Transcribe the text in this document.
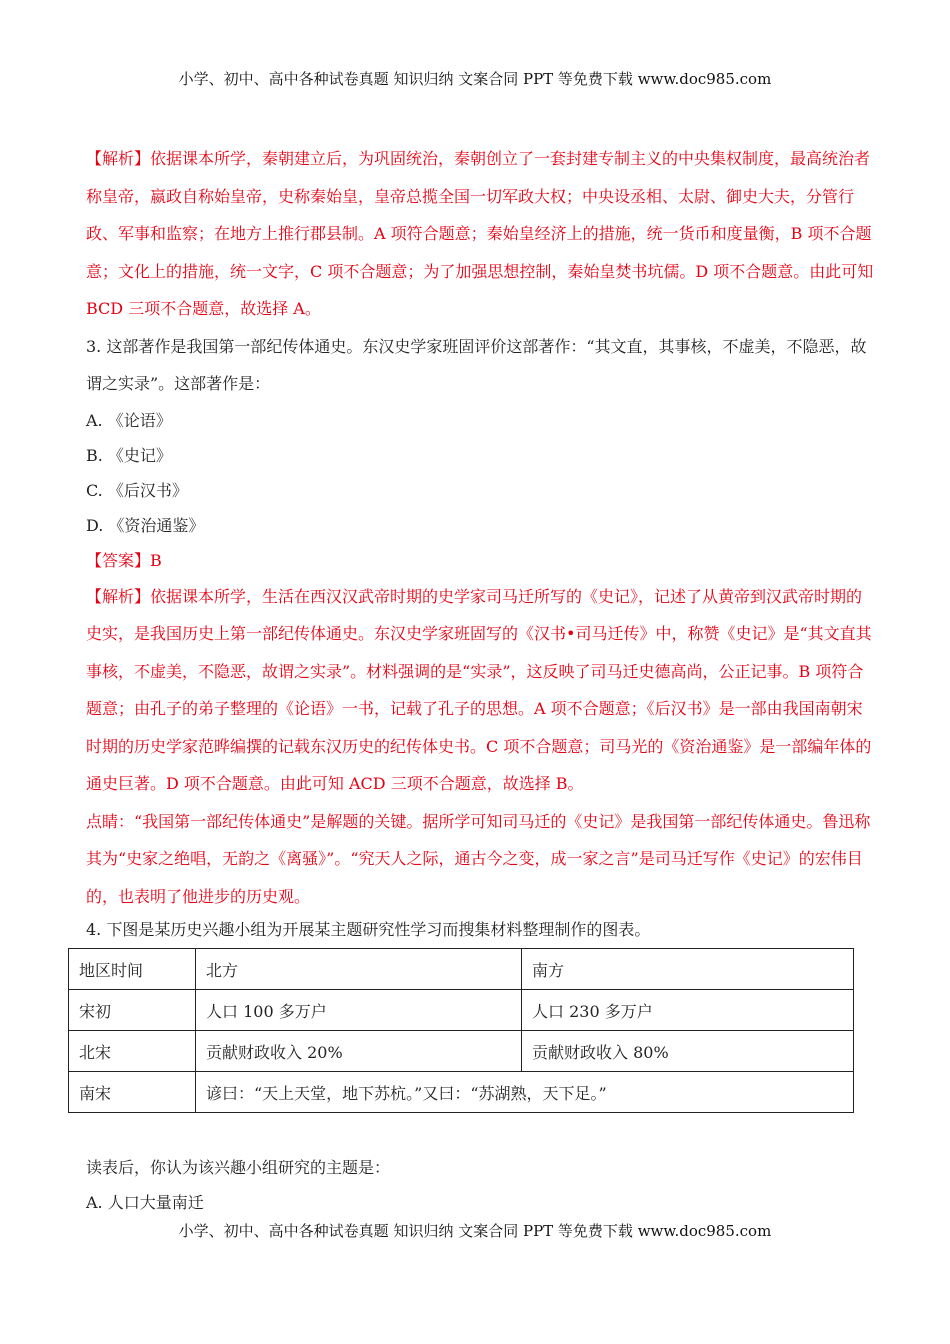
小学、初中、高中各种试卷真题 知识归纳 文案合同 PPT 等免费下载 www.doc985.com

【解析】依据课本所学，秦朝建立后，为巩固统治，秦朝创立了一套封建专制主义的中央集权制度，最高统治者称皇帝，嬴政自称始皇帝，史称秦始皇，皇帝总揽全国一切军政大权；中央设丞相、太尉、御史大夫，分管行政、军事和监察；在地方上推行郡县制。A 项符合题意；秦始皇经济上的措施，统一货币和度量衡，B 项不合题意；文化上的措施，统一文字，C 项不合题意；为了加强思想控制，秦始皇焚书坑儒。D 项不合题意。由此可知 BCD 三项不合题意，故选择 A。

3. 这部著作是我国第一部纪传体通史。东汉史学家班固评价这部著作：“其文直，其事核，不虚美，不隐恶，故谓之实录”。这部著作是：

A. 《论语》

B. 《史记》

C. 《后汉书》

D. 《资治通鉴》

【答案】B

【解析】依据课本所学，生活在西汉汉武帝时期的史学家司马迁所写的《史记》，记述了从黄帝到汉武帝时期的史实，是我国历史上第一部纪传体通史。东汉史学家班固写的《汉书•司马迁传》中，称赞《史记》是“其文直其事核，不虚美，不隐恶，故谓之实录”。材料强调的是“实录”，这反映了司马迁史德高尚，公正记事。B 项符合题意；由孔子的弟子整理的《论语》一书，记载了孔子的思想。A 项不合题意；《后汉书》是一部由我国南朝宋时期的历史学家范晔编撰的记载东汉历史的纪传体史书。C 项不合题意；司马光的《资治通鉴》是一部编年体的通史巨著。D 项不合题意。由此可知 ACD 三项不合题意，故选择 B。

点睛：“我国第一部纪传体通史”是解题的关键。据所学可知司马迁的《史记》是我国第一部纪传体通史。鲁迅称其为“史家之绝唱，无韵之《离骚》”。“究天人之际，通古今之变，成一家之言”是司马迁写作《史记》的宏伟目的，也表明了他进步的历史观。

4. 下图是某历史兴趣小组为开展某主题研究性学习而搜集材料整理制作的图表。

地区时间	北方	南方
宋初	人口 100 多万户	人口 230 多万户
北宋	贡献财政收入 20%	贡献财政收入 80%
南宋	谚曰：“天上天堂，地下苏杭。”又曰：“苏湖熟，天下足。”	

读表后，你认为该兴趣小组研究的主题是：

A. 人口大量南迁

小学、初中、高中各种试卷真题 知识归纳 文案合同 PPT 等免费下载 www.doc985.com
